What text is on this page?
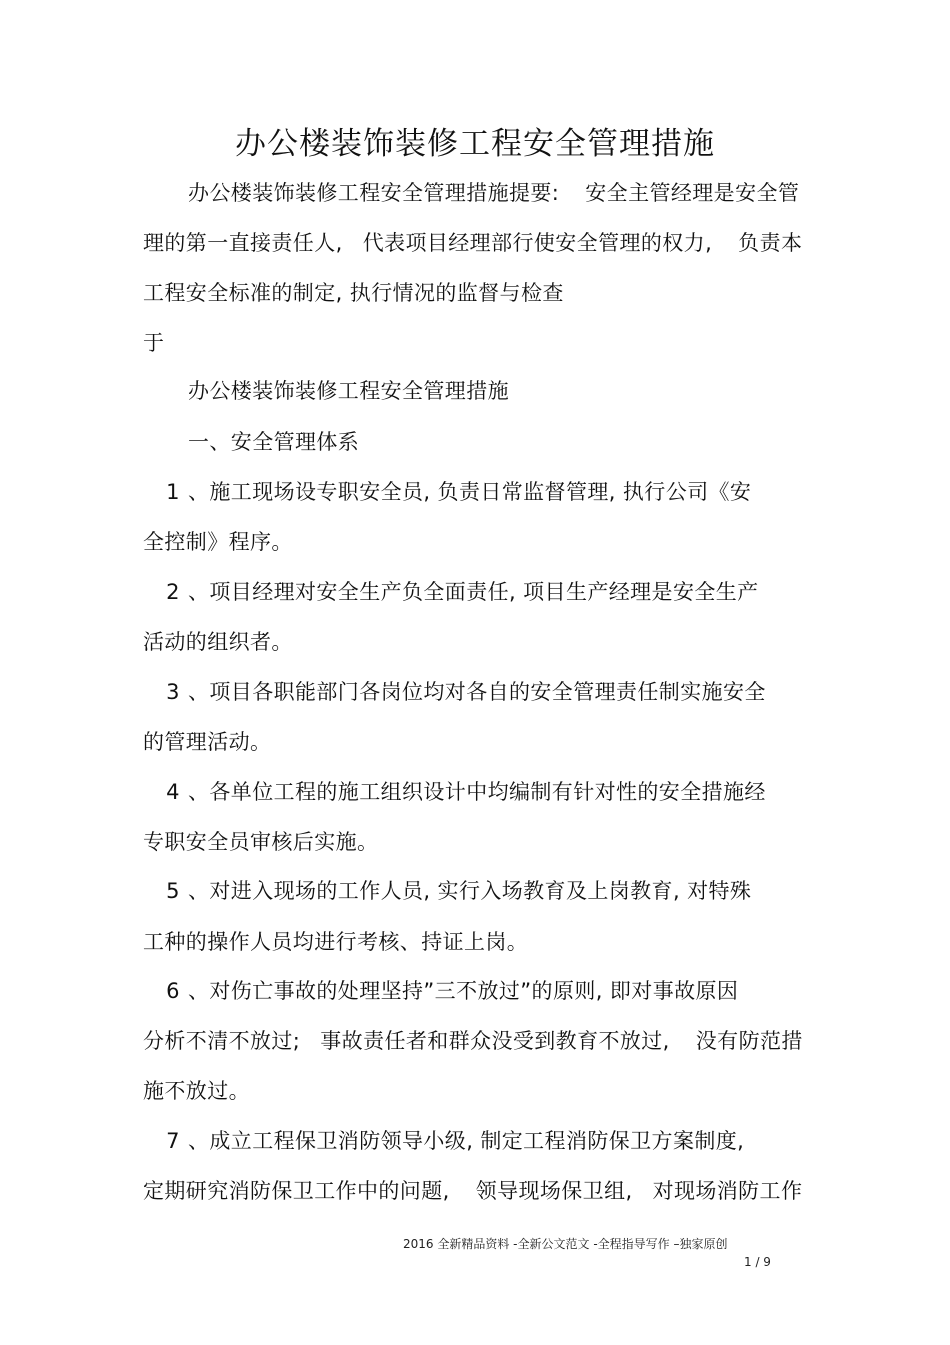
办公楼装饰装修工程安全管理措施
办公楼装饰装修工程安全管理措施提要: 安全主管经理是安全管
理的第一直接责任人, 代表项目经理部行使安全管理的权力, 负责本
工程安全标准的制定, 执行情况的监督与检查
于
办公楼装饰装修工程安全管理措施
一、安全管理体系
1 、施工现场设专职安全员, 负责日常监督管理, 执行公司《安
全控制》程序。
2 、项目经理对安全生产负全面责任, 项目生产经理是安全生产
活动的组织者。
3 、项目各职能部门各岗位均对各自的安全管理责任制实施安全
的管理活动。
4 、各单位工程的施工组织设计中均编制有针对性的安全措施经
专职安全员审核后实施。
5 、对进入现场的工作人员, 实行入场教育及上岗教育, 对特殊
工种的操作人员均进行考核、持证上岗。
6 、对伤亡事故的处理坚持”三不放过”的原则, 即对事故原因
分析不清不放过; 事故责任者和群众没受到教育不放过, 没有防范措
施不放过。
7 、成立工程保卫消防领导小级, 制定工程消防保卫方案制度,
定期研究消防保卫工作中的问题, 领导现场保卫组, 对现场消防工作
2016 全新精品资料 -全新公文范文 -全程指导写作 –独家原创
1 / 9
